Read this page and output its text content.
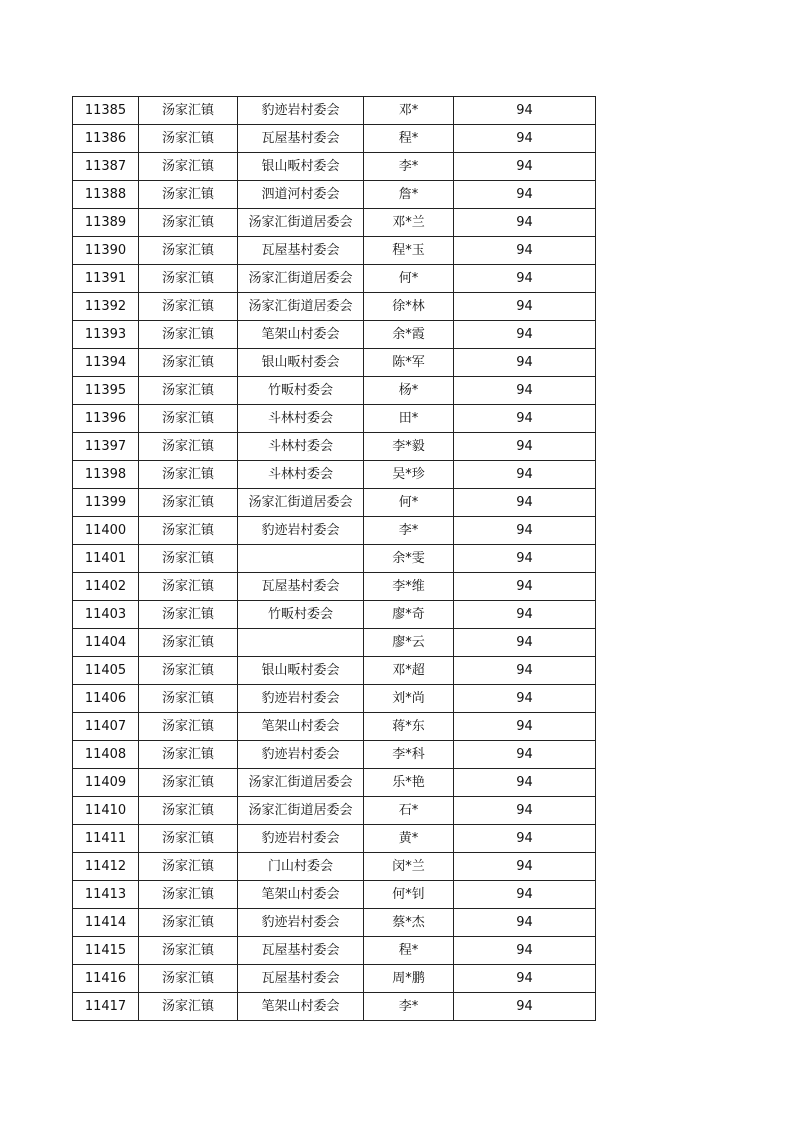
11385	汤家汇镇	豹迹岩村委会	邓*	94
11386	汤家汇镇	瓦屋基村委会	程*	94
11387	汤家汇镇	银山畈村委会	李*	94
11388	汤家汇镇	泗道河村委会	詹*	94
11389	汤家汇镇	汤家汇街道居委会	邓*兰	94
11390	汤家汇镇	瓦屋基村委会	程*玉	94
11391	汤家汇镇	汤家汇街道居委会	何*	94
11392	汤家汇镇	汤家汇街道居委会	徐*林	94
11393	汤家汇镇	笔架山村委会	余*霞	94
11394	汤家汇镇	银山畈村委会	陈*军	94
11395	汤家汇镇	竹畈村委会	杨*	94
11396	汤家汇镇	斗林村委会	田*	94
11397	汤家汇镇	斗林村委会	李*毅	94
11398	汤家汇镇	斗林村委会	吴*珍	94
11399	汤家汇镇	汤家汇街道居委会	何*	94
11400	汤家汇镇	豹迹岩村委会	李*	94
11401	汤家汇镇		余*雯	94
11402	汤家汇镇	瓦屋基村委会	李*维	94
11403	汤家汇镇	竹畈村委会	廖*奇	94
11404	汤家汇镇		廖*云	94
11405	汤家汇镇	银山畈村委会	邓*超	94
11406	汤家汇镇	豹迹岩村委会	刘*尚	94
11407	汤家汇镇	笔架山村委会	蒋*东	94
11408	汤家汇镇	豹迹岩村委会	李*科	94
11409	汤家汇镇	汤家汇街道居委会	乐*艳	94
11410	汤家汇镇	汤家汇街道居委会	石*	94
11411	汤家汇镇	豹迹岩村委会	黄*	94
11412	汤家汇镇	门山村委会	闵*兰	94
11413	汤家汇镇	笔架山村委会	何*钊	94
11414	汤家汇镇	豹迹岩村委会	蔡*杰	94
11415	汤家汇镇	瓦屋基村委会	程*	94
11416	汤家汇镇	瓦屋基村委会	周*鹏	94
11417	汤家汇镇	笔架山村委会	李*	94
